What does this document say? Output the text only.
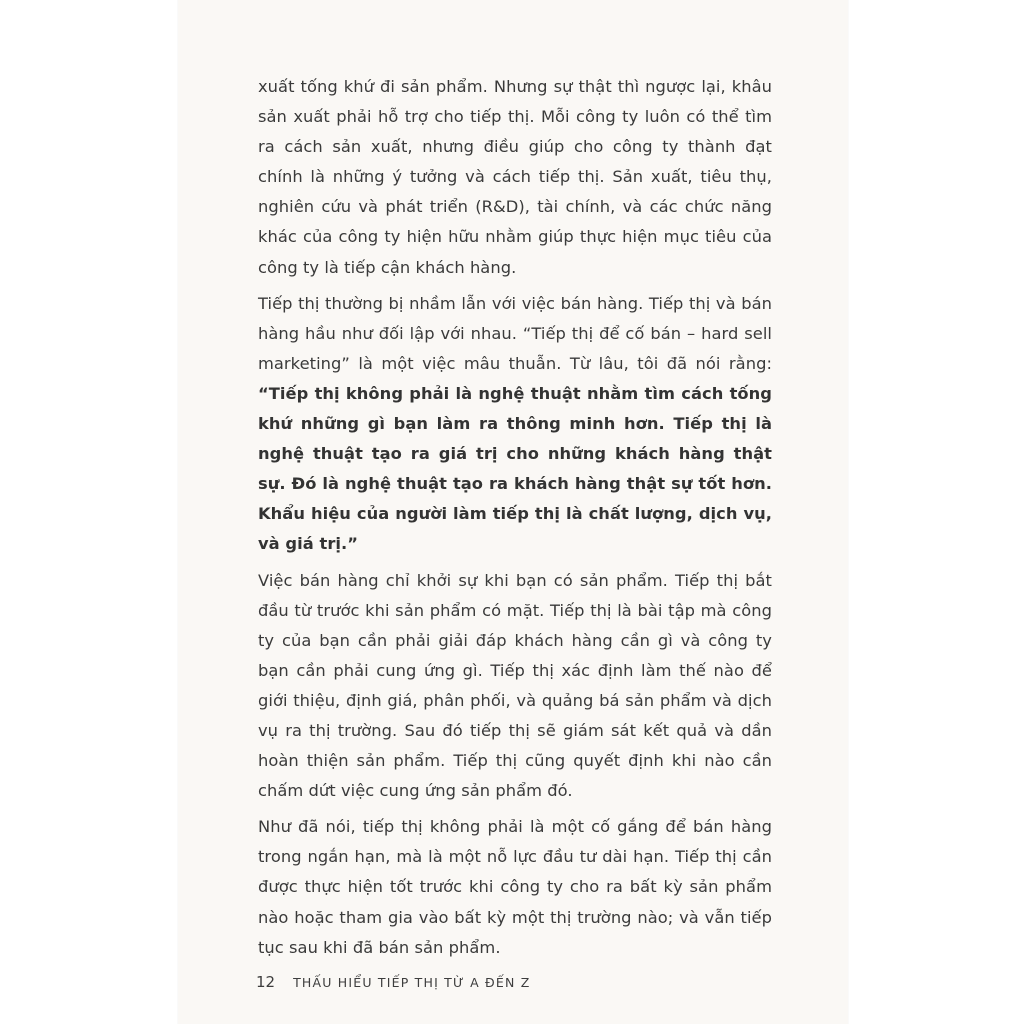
xuất tống khứ đi sản phẩm. Nhưng sự thật thì ngược lại, khâu sản xuất phải hỗ trợ cho tiếp thị. Mỗi công ty luôn có thể tìm ra cách sản xuất, nhưng điều giúp cho công ty thành đạt chính là những ý tưởng và cách tiếp thị. Sản xuất, tiêu thụ, nghiên cứu và phát triển (R&D), tài chính, và các chức năng khác của công ty hiện hữu nhằm giúp thực hiện mục tiêu của công ty là tiếp cận khách hàng.

Tiếp thị thường bị nhầm lẫn với việc bán hàng. Tiếp thị và bán hàng hầu như đối lập với nhau. “Tiếp thị để cố bán – hard sell marketing” là một việc mâu thuẫn. Từ lâu, tôi đã nói rằng: “Tiếp thị không phải là nghệ thuật nhằm tìm cách tống khứ những gì bạn làm ra thông minh hơn. Tiếp thị là nghệ thuật tạo ra giá trị cho những khách hàng thật sự. Đó là nghệ thuật tạo ra khách hàng thật sự tốt hơn. Khẩu hiệu của người làm tiếp thị là chất lượng, dịch vụ, và giá trị.”

Việc bán hàng chỉ khởi sự khi bạn có sản phẩm. Tiếp thị bắt đầu từ trước khi sản phẩm có mặt. Tiếp thị là bài tập mà công ty của bạn cần phải giải đáp khách hàng cần gì và công ty bạn cần phải cung ứng gì. Tiếp thị xác định làm thế nào để giới thiệu, định giá, phân phối, và quảng bá sản phẩm và dịch vụ ra thị trường. Sau đó tiếp thị sẽ giám sát kết quả và dần hoàn thiện sản phẩm. Tiếp thị cũng quyết định khi nào cần chấm dứt việc cung ứng sản phẩm đó.

Như đã nói, tiếp thị không phải là một cố gắng để bán hàng trong ngắn hạn, mà là một nỗ lực đầu tư dài hạn. Tiếp thị cần được thực hiện tốt trước khi công ty cho ra bất kỳ sản phẩm nào hoặc tham gia vào bất kỳ một thị trường nào; và vẫn tiếp tục sau khi đã bán sản phẩm.

12 THẤU HIỂU TIẾP THỊ TỪ A ĐẾN Z
